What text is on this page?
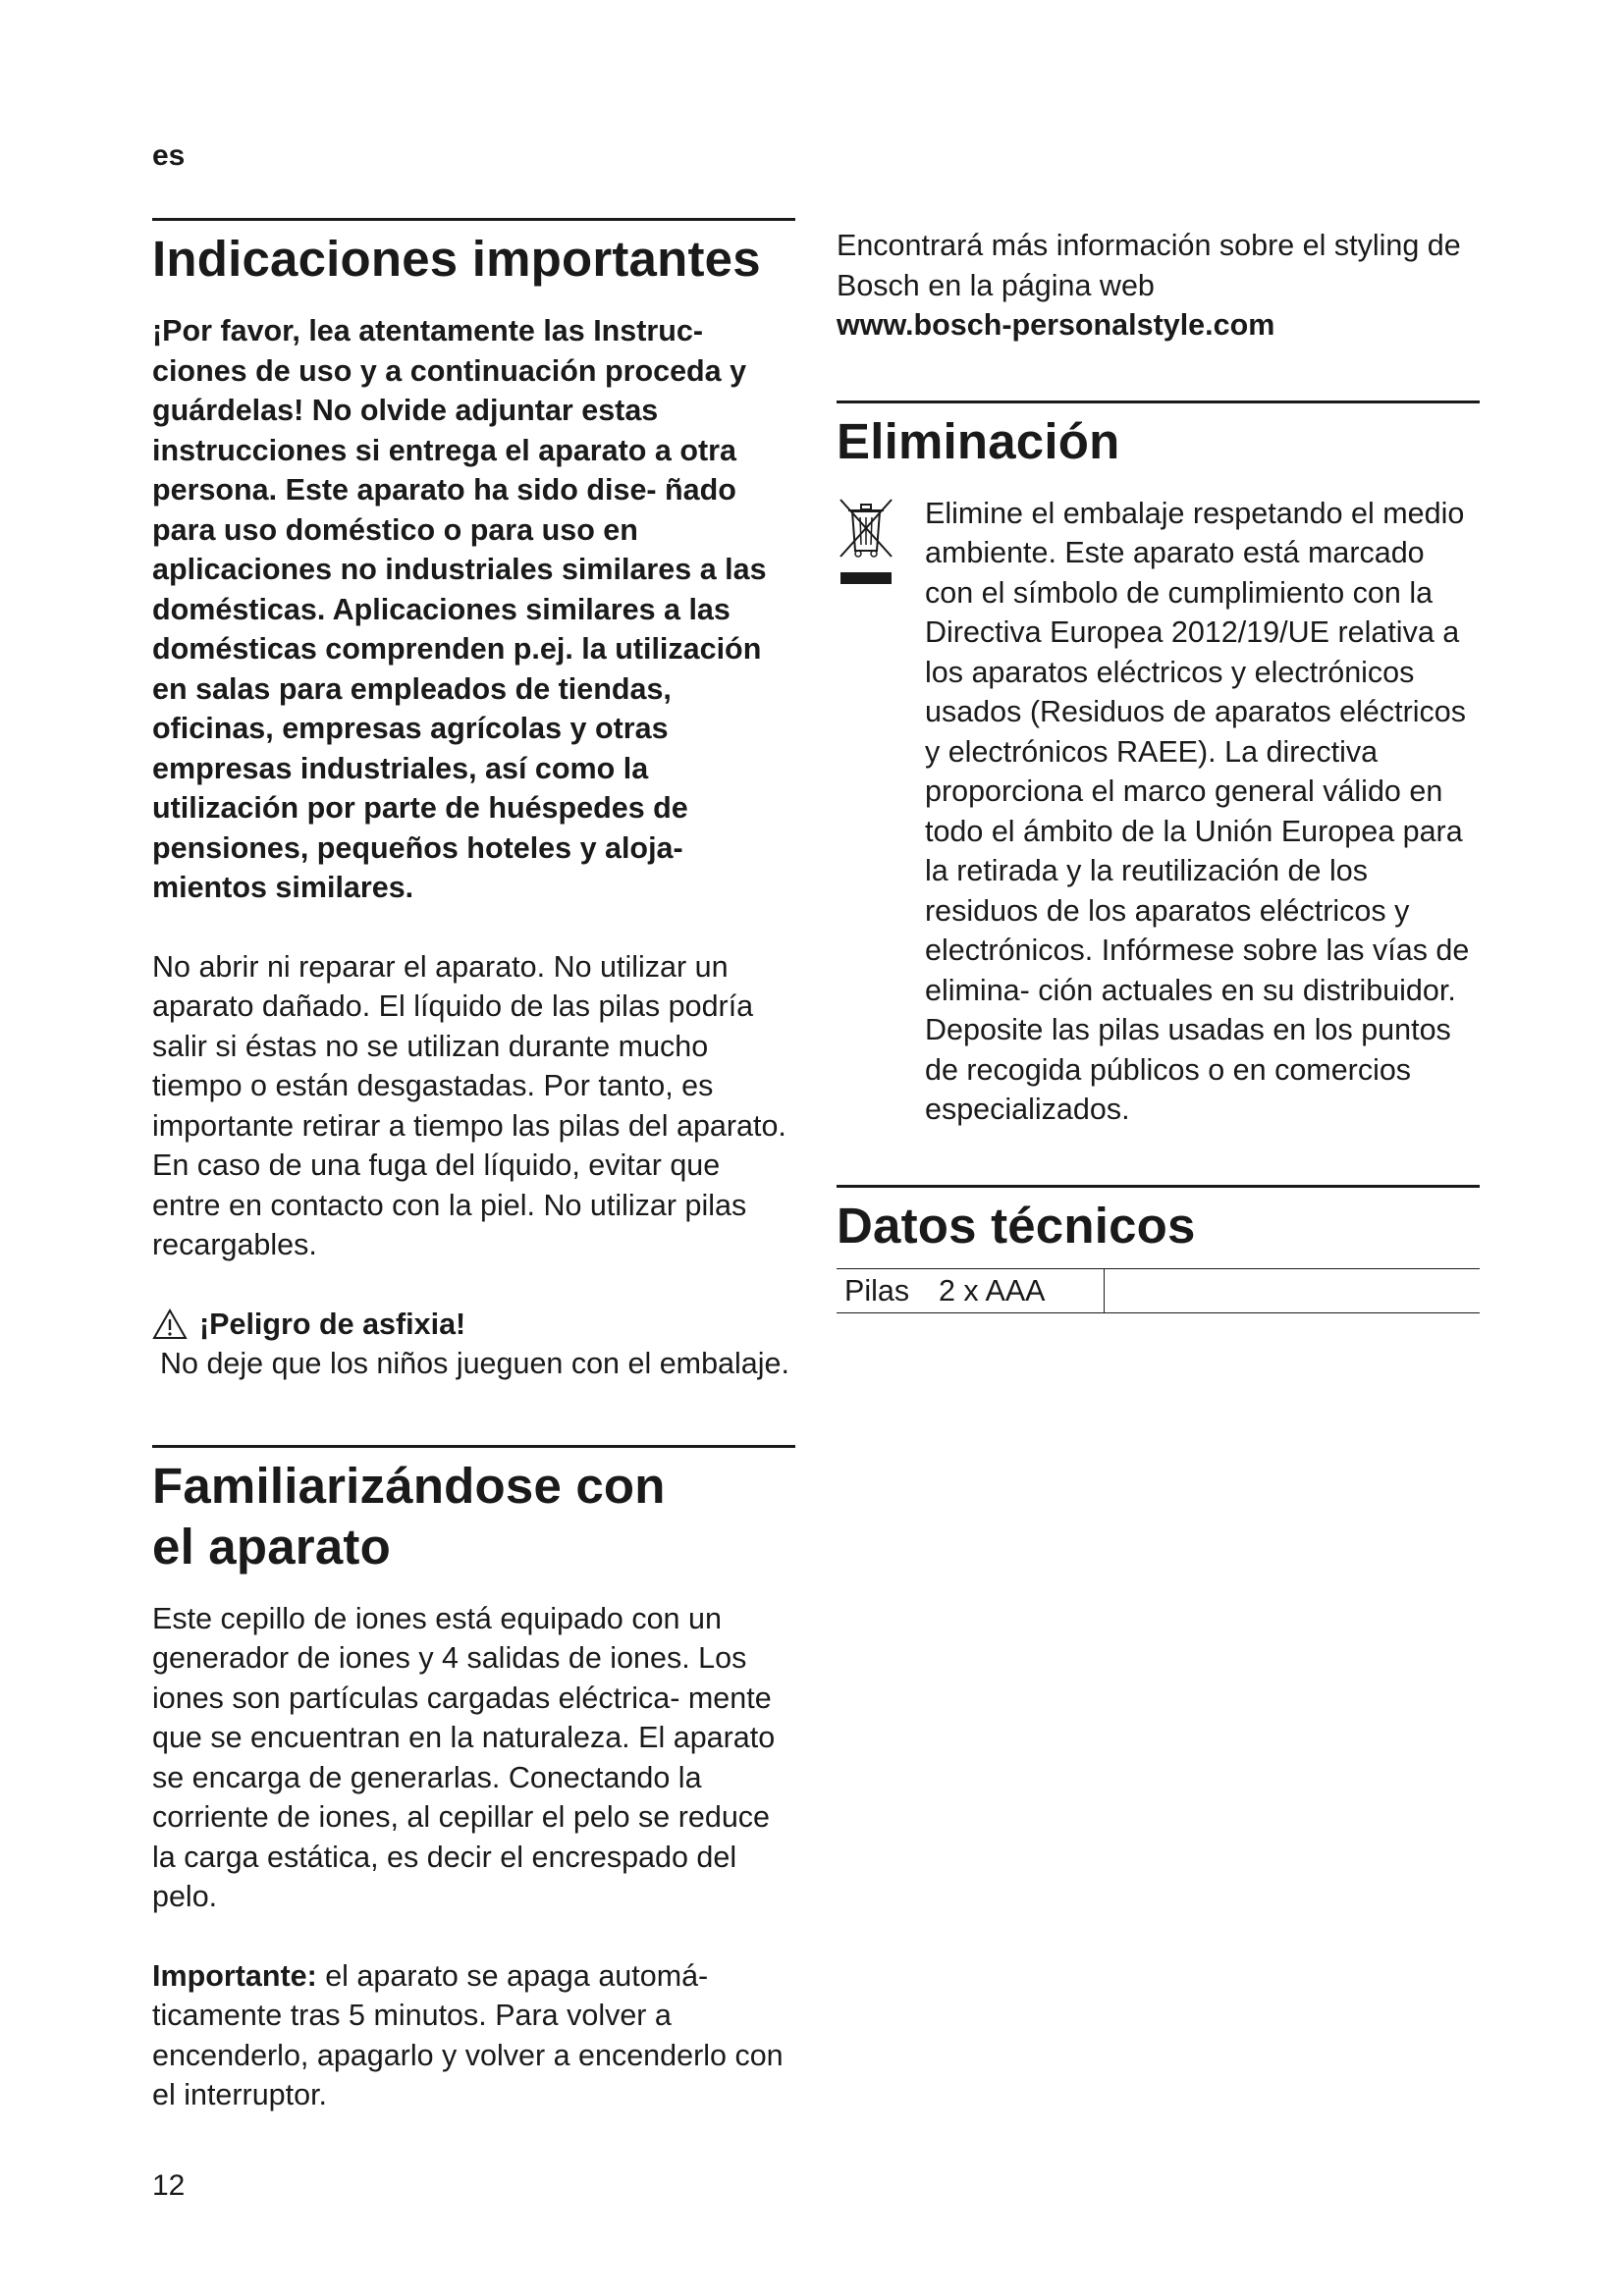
es
Indicaciones importantes

¡Por favor, lea atentamente las Instruc- ciones de uso y a continuación proceda y guárdelas! No olvide adjuntar estas instrucciones si entrega el aparato a otra persona. Este aparato ha sido dise- ñado para uso doméstico o para uso en aplicaciones no industriales similares a las domésticas. Aplicaciones similares a las domésticas comprenden p.ej. la utilización en salas para empleados de tiendas, oficinas, empresas agrícolas y otras empresas industriales, así como la utilización por parte de huéspedes de pensiones, pequeños hoteles y aloja- mientos similares.

No abrir ni reparar el aparato. No utilizar un aparato dañado. El líquido de las pilas podría salir si éstas no se utilizan durante mucho tiempo o están desgastadas. Por tanto, es importante retirar a tiempo las pilas del aparato. En caso de una fuga del líquido, evitar que entre en contacto con la piel. No utilizar pilas recargables.

¡Peligro de asfixia!

No deje que los niños jueguen con el embalaje.

Familiarizándose con
el aparato

Este cepillo de iones está equipado con un generador de iones y 4 salidas de iones. Los iones son partículas cargadas eléctrica- mente que se encuentran en la naturaleza. El aparato se encarga de generarlas. Conectando la corriente de iones, al cepillar el pelo se reduce la carga estática, es decir el encrespado del pelo.

Importante: el aparato se apaga automá- ticamente tras 5 minutos. Para volver a encenderlo, apagarlo y volver a encenderlo con el interruptor.

Encontrará más información sobre el styling de Bosch en la página web

www.bosch-personalstyle.com

Eliminación

Elimine el embalaje respetando el medio ambiente. Este aparato está marcado con el símbolo de cumplimiento con la Directiva Europea 2012/19/UE relativa a los aparatos eléctricos y electrónicos usados (Residuos de aparatos eléctricos y electrónicos RAEE). La directiva proporciona el marco general válido en todo el ámbito de la Unión Europea para la retirada y la reutilización de los residuos de los aparatos eléctricos y electrónicos. Infórmese sobre las vías de elimina- ción actuales en su distribuidor. Deposite las pilas usadas en los puntos de recogida públicos o en comercios especializados.

Datos técnicos
Pilas	2 x AAA	
12
